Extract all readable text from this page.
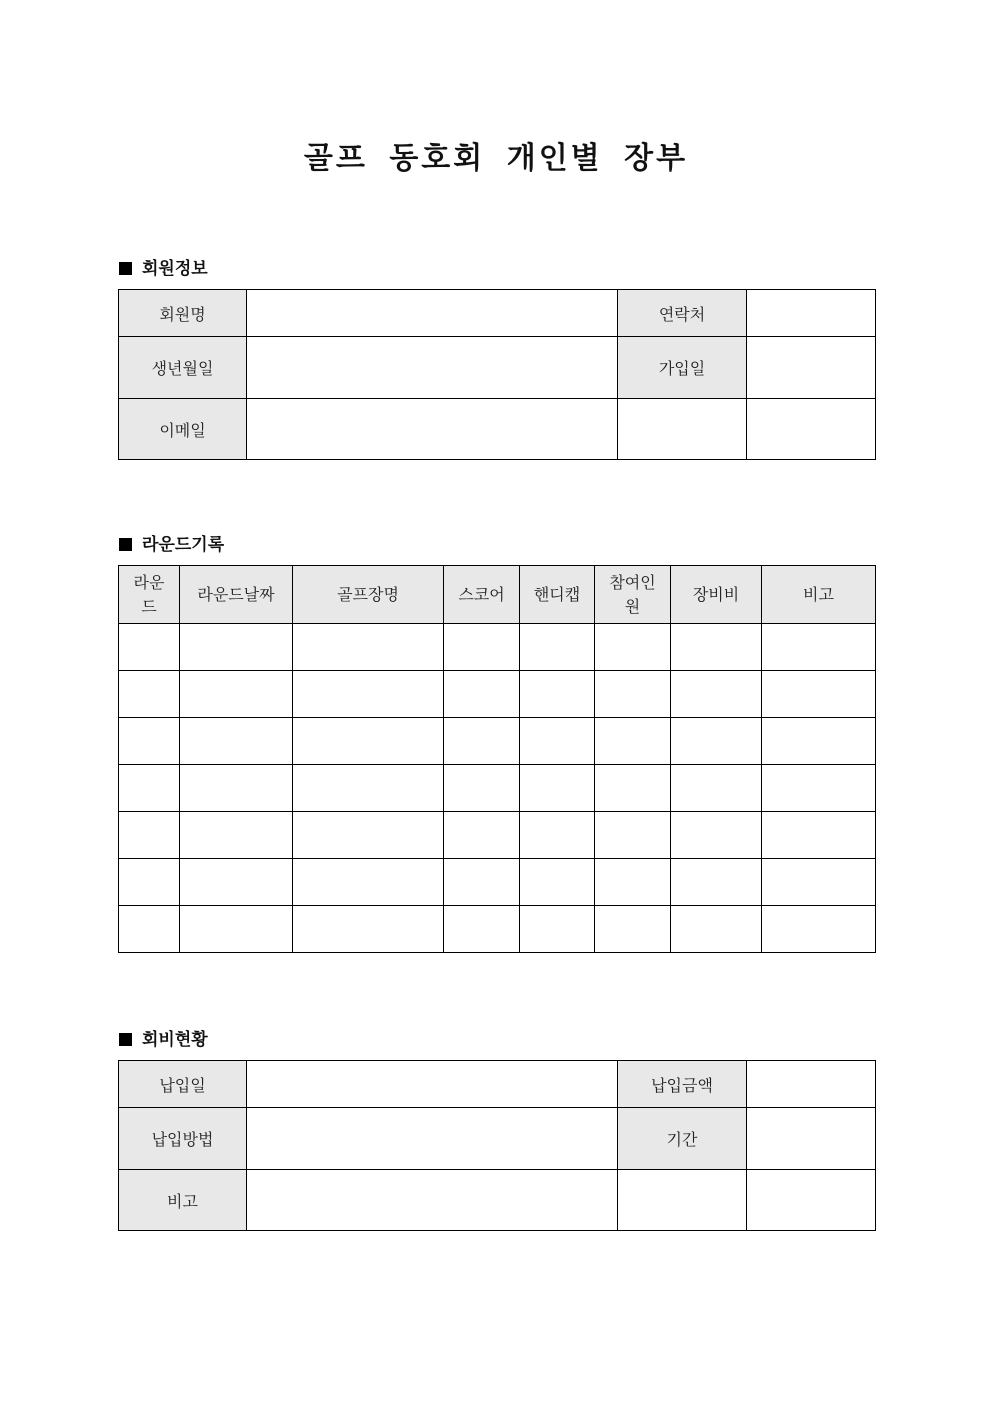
골프 동호회 개인별 장부
회원정보
회원명		연락처	
생년월일		가입일	
이메일			
라운드기록
라운드	라운드날짜	골프장명	스코어	핸디캡	참여인원	장비비	비고

회비현황
납입일		납입금액	
납입방법		기간	
비고			
